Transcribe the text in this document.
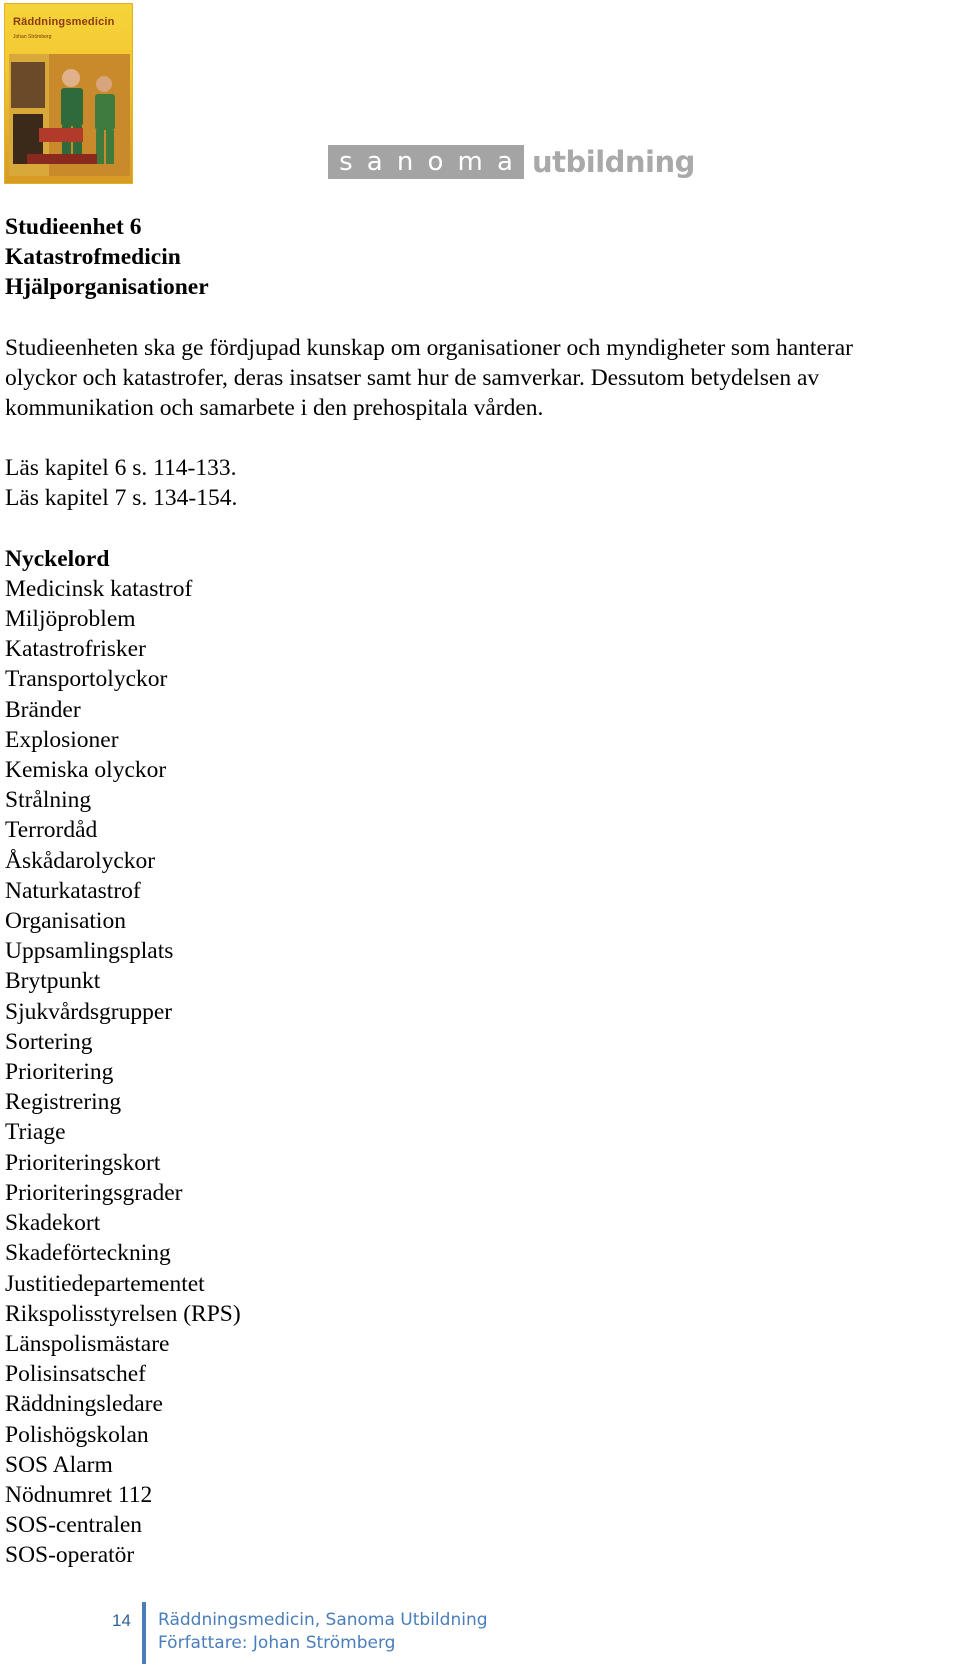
Räddningsmedicin
Johan Strömberg
s a n o m a utbildning
Studieenhet 6
Katastrofmedicin
Hjälporganisationer
Studieenheten ska ge fördjupad kunskap om organisationer och myndigheter som hanterar
olyckor och katastrofer, deras insatser samt hur de samverkar. Dessutom betydelsen av
kommunikation och samarbete i den prehospitala vården.
Läs kapitel 6 s. 114-133.
Läs kapitel 7 s. 134-154.
Nyckelord
Medicinsk katastrof
Miljöproblem
Katastrofrisker
Transportolyckor
Bränder
Explosioner
Kemiska olyckor
Strålning
Terrordåd
Åskådarolyckor
Naturkatastrof
Organisation
Uppsamlingsplats
Brytpunkt
Sjukvårdsgrupper
Sortering
Prioritering
Registrering
Triage
Prioriteringskort
Prioriteringsgrader
Skadekort
Skadeförteckning
Justitiedepartementet
Rikspolisstyrelsen (RPS)
Länspolismästare
Polisinsatschef
Räddningsledare
Polishögskolan
SOS Alarm
Nödnumret 112
SOS-centralen
SOS-operatör
14	Räddningsmedicin, Sanoma Utbildning
Författare: Johan Strömberg
